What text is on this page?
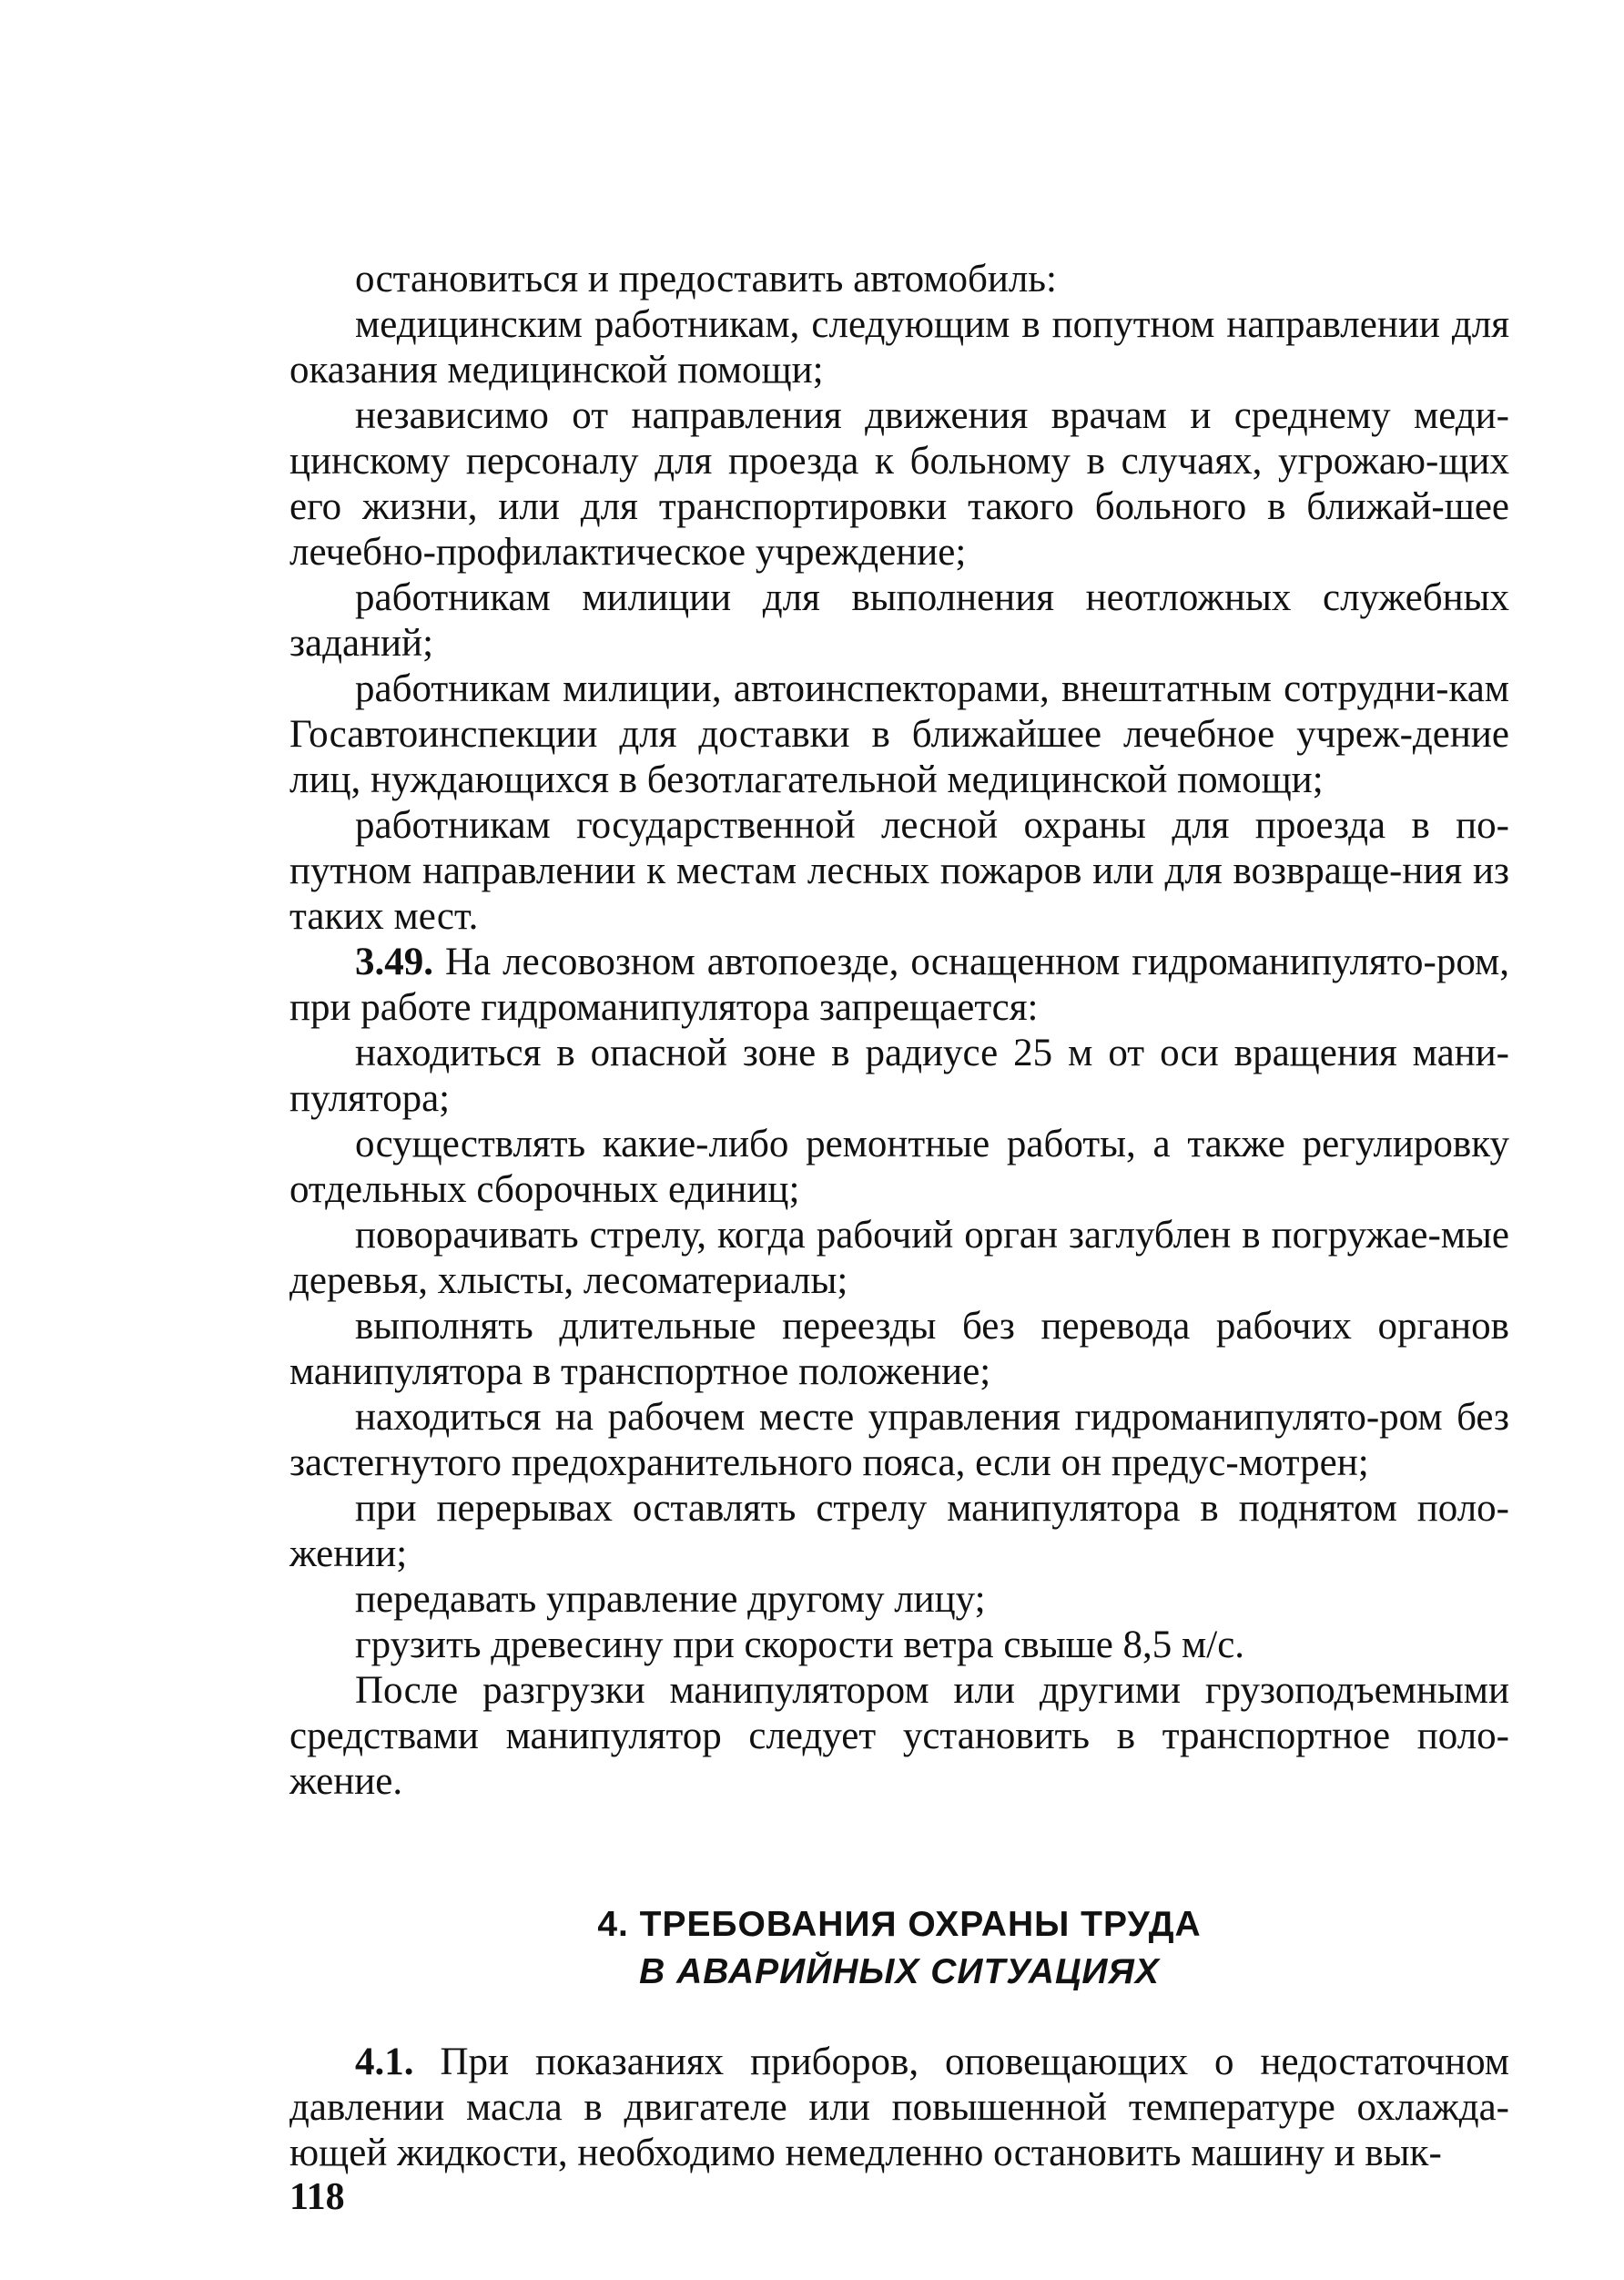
остановиться и предоставить автомобиль:

медицинским работникам, следующим в попутном направлении для оказания медицинской помощи;

независимо от направления движения врачам и среднему меди-цинскому персоналу для проезда к больному в случаях, угрожаю-щих его жизни, или для транспортировки такого больного в ближай-шее лечебно-профилактическое учреждение;

работникам милиции для выполнения неотложных служебных заданий;

работникам милиции, автоинспекторами, внештатным сотрудни-кам Госавтоинспекции для доставки в ближайшее лечебное учреж-дение лиц, нуждающихся в безотлагательной медицинской помощи;

работникам государственной лесной охраны для проезда в по-путном направлении к местам лесных пожаров или для возвраще-ния из таких мест.

3.49. На лесовозном автопоезде, оснащенном гидроманипулято-ром, при работе гидроманипулятора запрещается:

находиться в опасной зоне в радиусе 25 м от оси вращения мани-пулятора;

осуществлять какие-либо ремонтные работы, а также регулировку отдельных сборочных единиц;

поворачивать стрелу, когда рабочий орган заглублен в погружае-мые деревья, хлысты, лесоматериалы;

выполнять длительные переезды без перевода рабочих органов манипулятора в транспортное положение;

находиться на рабочем месте управления гидроманипулято-ром без застегнутого предохранительного пояса, если он предус-мотрен;

при перерывах оставлять стрелу манипулятора в поднятом поло-жении;

передавать управление другому лицу;

грузить древесину при скорости ветра свыше 8,5 м/с.

После разгрузки манипулятором или другими грузоподъемными средствами манипулятор следует установить в транспортное поло-жение.

4. ТРЕБОВАНИЯ ОХРАНЫ ТРУДА
В АВАРИЙНЫХ СИТУАЦИЯХ

4.1. При показаниях приборов, оповещающих о недостаточном давлении масла в двигателе или повышенной температуре охлажда-ющей жидкости, необходимо немедленно остановить машину и вык-

118
